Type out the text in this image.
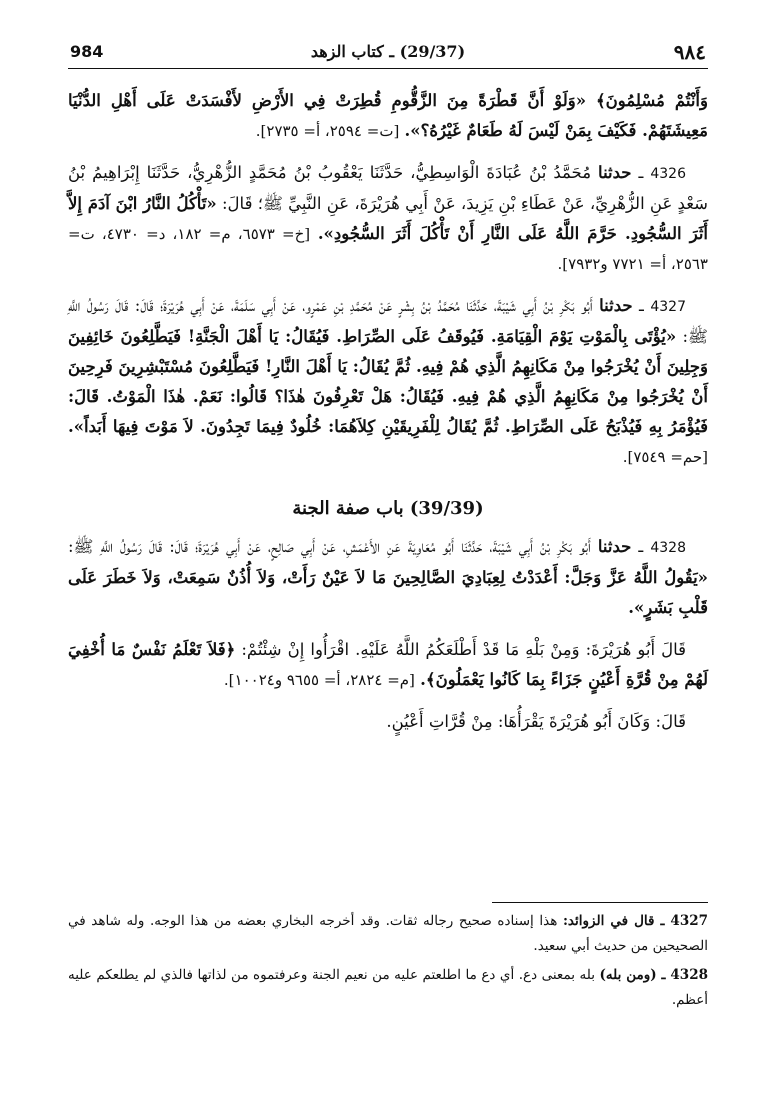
984	(29/37) ـ كتاب الزهد	٩٨٤

وَأَنْتُمْ مُسْلِمُونَ﴾ «وَلَوْ أَنَّ قَطْرَةً مِنَ الزَّقُّومِ قُطِرَتْ فِي الأَرْضِ لأَفْسَدَتْ عَلَى أَهْلِ الدُّنْيَا مَعِيشَتَهُمْ. فَكَيْفَ بِمَنْ لَيْسَ لَهُ طَعَامٌ غَيْرُهُ؟». [ت= ٢٥٩٤، أ= ٢٧٣٥].

4326 ـ حدثنا مُحَمَّدُ بْنُ عُبَادَةَ الْوَاسِطِيُّ، حَدَّثَنَا يَعْقُوبُ بْنُ مُحَمَّدٍ الزُّهْرِيُّ، حَدَّثَنَا إِبْرَاهِيمُ بْنُ سَعْدٍ عَنِ الزُّهْرِيِّ، عَنْ عَطَاءِ بْنِ يَزِيدَ، عَنْ أَبِي هُرَيْرَةَ، عَنِ النَّبِيِّ ﷺ؛ قَالَ: «تَأْكُلُ النَّارُ ابْنَ آدَمَ إِلاَّ أَثَرَ السُّجُودِ. حَرَّمَ اللَّهُ عَلَى النَّارِ أَنْ تَأْكُلَ أَثَرَ السُّجُودِ». [خ= ٦٥٧٣، م= ١٨٢، د= ٤٧٣٠، ت= ٢٥٦٣، أ= ٧٧٢١ و٧٩٣٢].

4327 ـ حدثنا أَبُو بَكْرِ بْنُ أَبِي شَيْبَةَ، حَدَّثَنَا مُحَمَّدُ بْنُ بِشْرٍ عَنْ مُحَمَّدِ بْنِ عَمْرٍو، عَنْ أَبِي سَلَمَةَ، عَنْ أَبِي هُرَيْرَةَ؛ قَالَ: قَالَ رَسُولُ اللَّهِ ﷺ: «يُؤْتَى بِالْمَوْتِ يَوْمَ الْقِيَامَةِ. فَيُوقَفُ عَلَى الصِّرَاطِ. فَيُقَالُ: يَا أَهْلَ الْجَنَّةِ! فَيَطَّلِعُونَ خَائِفِينَ وَجِلِينَ أَنْ يُخْرَجُوا مِنْ مَكَانِهِمُ الَّذِي هُمْ فِيهِ. ثُمَّ يُقَالُ: يَا أَهْلَ النَّارِ! فَيَطَّلِعُونَ مُسْتَبْشِرِينَ فَرِحِينَ أَنْ يُخْرَجُوا مِنْ مَكَانِهِمُ الَّذِي هُمْ فِيهِ. فَيُقَالُ: هَلْ تَعْرِفُونَ هٰذَا؟ قَالُوا: نَعَمْ. هٰذَا الْمَوْتُ. قَالَ: فَيُؤْمَرُ بِهِ فَيُذْبَحُ عَلَى الصِّرَاطِ. ثُمَّ يُقَالُ لِلْفَرِيقَيْنِ كِلاَهُمَا: خُلُودٌ فِيمَا تَجِدُونَ. لاَ مَوْتَ فِيهَا أَبَداً». [حم= ٧٥٤٩].

(39/39) باب صفة الجنة

4328 ـ حدثنا أَبُو بَكْرِ بْنُ أَبِي شَيْبَةَ، حَدَّثَنَا أَبُو مُعَاوِيَةَ عَنِ الأَعْمَشِ، عَنْ أَبِي صَالِحٍ، عَنْ أَبِي هُرَيْرَةَ؛ قَالَ: قَالَ رَسُولُ اللَّهِ ﷺ: «يَقُولُ اللَّهُ عَزَّ وَجَلَّ: أَعْدَدْتُ لِعِبَادِيَ الصَّالِحِينَ مَا لاَ عَيْنٌ رَأَتْ، وَلاَ أُذُنٌ سَمِعَتْ، وَلاَ خَطَرَ عَلَى قَلْبِ بَشَرٍ».

قَالَ أَبُو هُرَيْرَةَ: وَمِنْ بَلْهِ مَا قَدْ أَطْلَعَكُمُ اللَّهُ عَلَيْهِ. اقْرَأُوا إِنْ شِئْتُمْ: ﴿فَلاَ تَعْلَمُ نَفْسٌ مَا أُخْفِيَ لَهُمْ مِنْ قُرَّةِ أَعْيُنٍ جَزَاءً بِمَا كَانُوا يَعْمَلُونَ﴾. [م= ٢٨٢٤، أ= ٩٦٥٥ و١٠٠٢٤].

قَالَ: وَكَانَ أَبُو هُرَيْرَةَ يَقْرَأُهَا: مِنْ قُرَّاتِ أَعْيُنٍ.

4327 ـ قال في الزوائد: هذا إسناده صحيح رجاله ثقات. وقد أخرجه البخاري بعضه من هذا الوجه. وله شاهد في الصحيحين من حديث أبي سعيد.

4328 ـ (ومن بله) بله بمعنى دع. أي دع ما اطلعتم عليه من نعيم الجنة وعرفتموه من لذاتها فالذي لم يطلعكم عليه أعظم.
